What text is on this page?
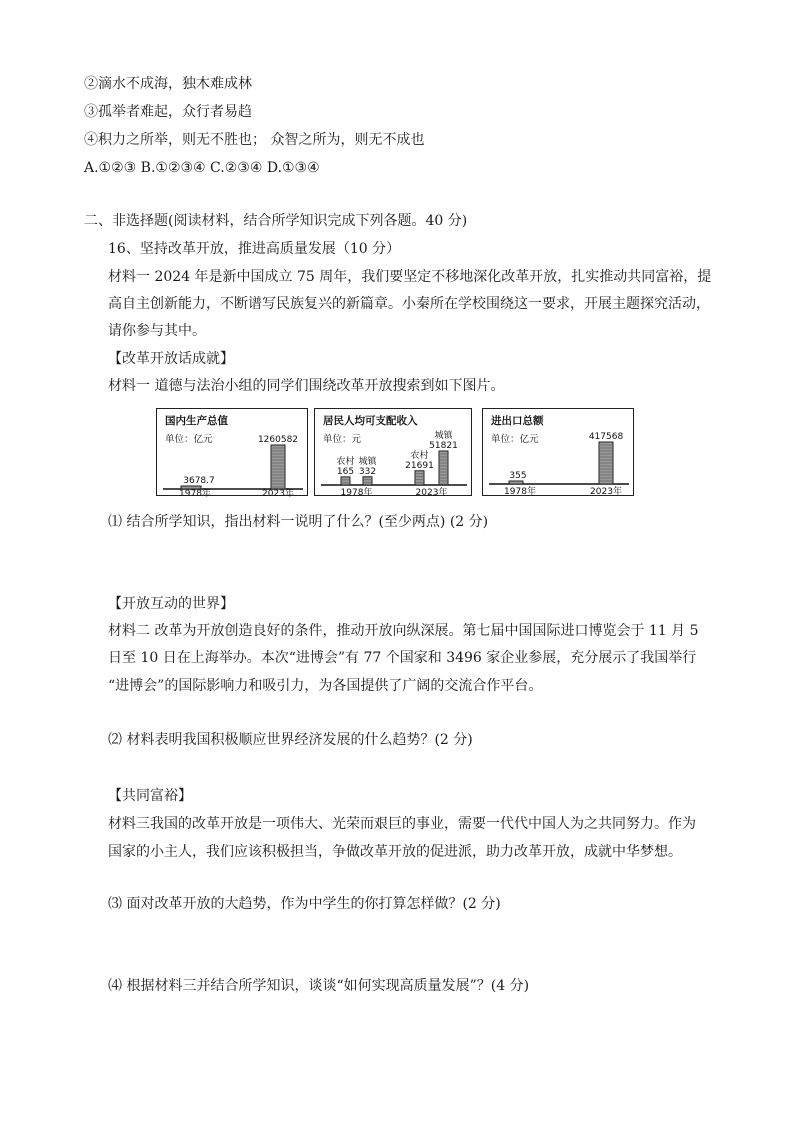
②滴水不成海，独木难成林
③孤举者难起，众行者易趋
④积力之所举，则无不胜也； 众智之所为，则无不成也
A.①②③ B.①②③④ C.②③④ D.①③④
二、非选择题(阅读材料，结合所学知识完成下列各题。40 分)
16、坚持改革开放，推进高质量发展（10 分）
材料一 2024 年是新中国成立 75 周年，我们要坚定不移地深化改革开放，扎实推动共同富裕，提
高自主创新能力，不断谱写民族复兴的新篇章。小秦所在学校围绕这一要求，开展主题探究活动，
请你参与其中。
【改革开放话成就】
材料一 道德与法治小组的同学们围绕改革开放搜索到如下图片。
国内生产总值
单位：亿元
3678.7
1978年
1260582
2023年
居民人均可支配收入
单位：元
165
农村
332
城镇
1978年
21691
农村
51821
城镇
2023年
进出口总额
单位：亿元
355
1978年
417568
2023年
⑴ 结合所学知识，指出材料一说明了什么？(至少两点) (2 分)
【开放互动的世界】
材料二 改革为开放创造良好的条件，推动开放向纵深展。第七届中国国际进口博览会于 11 月 5
日至 10 日在上海举办。本次“进博会”有 77 个国家和 3496 家企业参展，充分展示了我国举行
“进博会”的国际影响力和吸引力，为各国提供了广阔的交流合作平台。
⑵ 材料表明我国积极顺应世界经济发展的什么趋势？(2 分)
【共同富裕】
材料三我国的改革开放是一项伟大、光荣而艰巨的事业，需要一代代中国人为之共同努力。作为
国家的小主人，我们应该积极担当，争做改革开放的促进派，助力改革开放，成就中华梦想。
⑶ 面对改革开放的大趋势，作为中学生的你打算怎样做？(2 分)
⑷ 根据材料三并结合所学知识，谈谈“如何实现高质量发展”？(4 分)
